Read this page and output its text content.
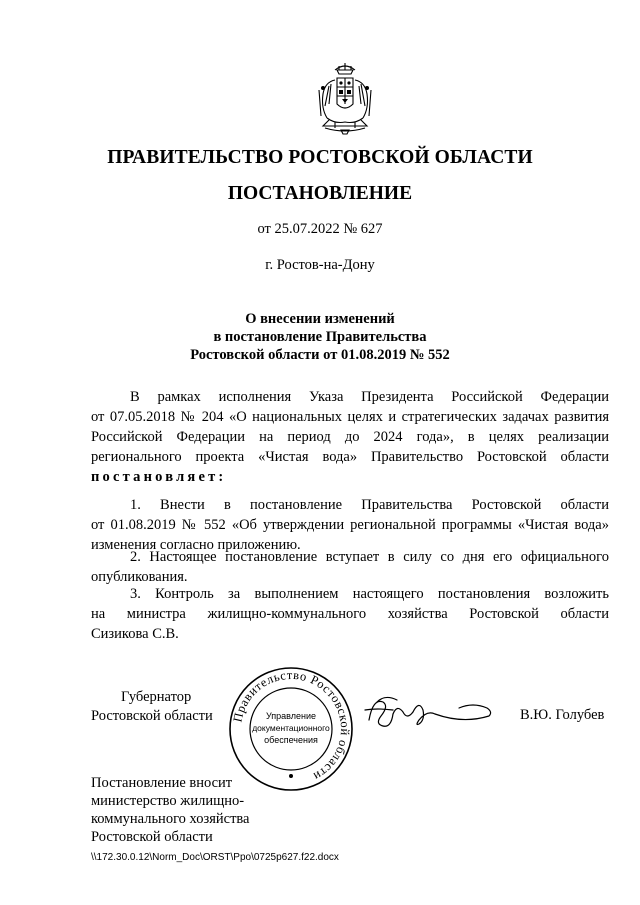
ПРАВИТЕЛЬСТВО РОСТОВСКОЙ ОБЛАСТИ
ПОСТАНОВЛЕНИЕ
от 25.07.2022 № 627
г. Ростов-на-Дону
О внесении изменений
в постановление Правительства
Ростовской области от 01.08.2019 № 552
В рамках исполнения Указа Президента Российской Федерации
от 07.05.2018 № 204 «О национальных целях и стратегических задачах развития
Российской Федерации на период до 2024 года», в целях реализации
регионального проекта «Чистая вода» Правительство Ростовской области
постановляет:
1. Внести в постановление Правительства Ростовской области
от 01.08.2019 № 552 «Об утверждении региональной программы «Чистая вода»
изменения согласно приложению.
2. Настоящее постановление вступает в силу со дня его официального
опубликования.
3. Контроль за выполнением настоящего постановления возложить
на министра жилищно-коммунального хозяйства Ростовской области
Сизикова С.В.
Губернатор
Ростовской области Правительство Ростовской области
Управление
документационного
обеспечения
В.Ю. Голубев
Постановление вносит
министерство жилищно-
коммунального хозяйства
Ростовской области
\\172.30.0.12\Norm_Doc\ORST\Ppo\0725p627.f22.docx
